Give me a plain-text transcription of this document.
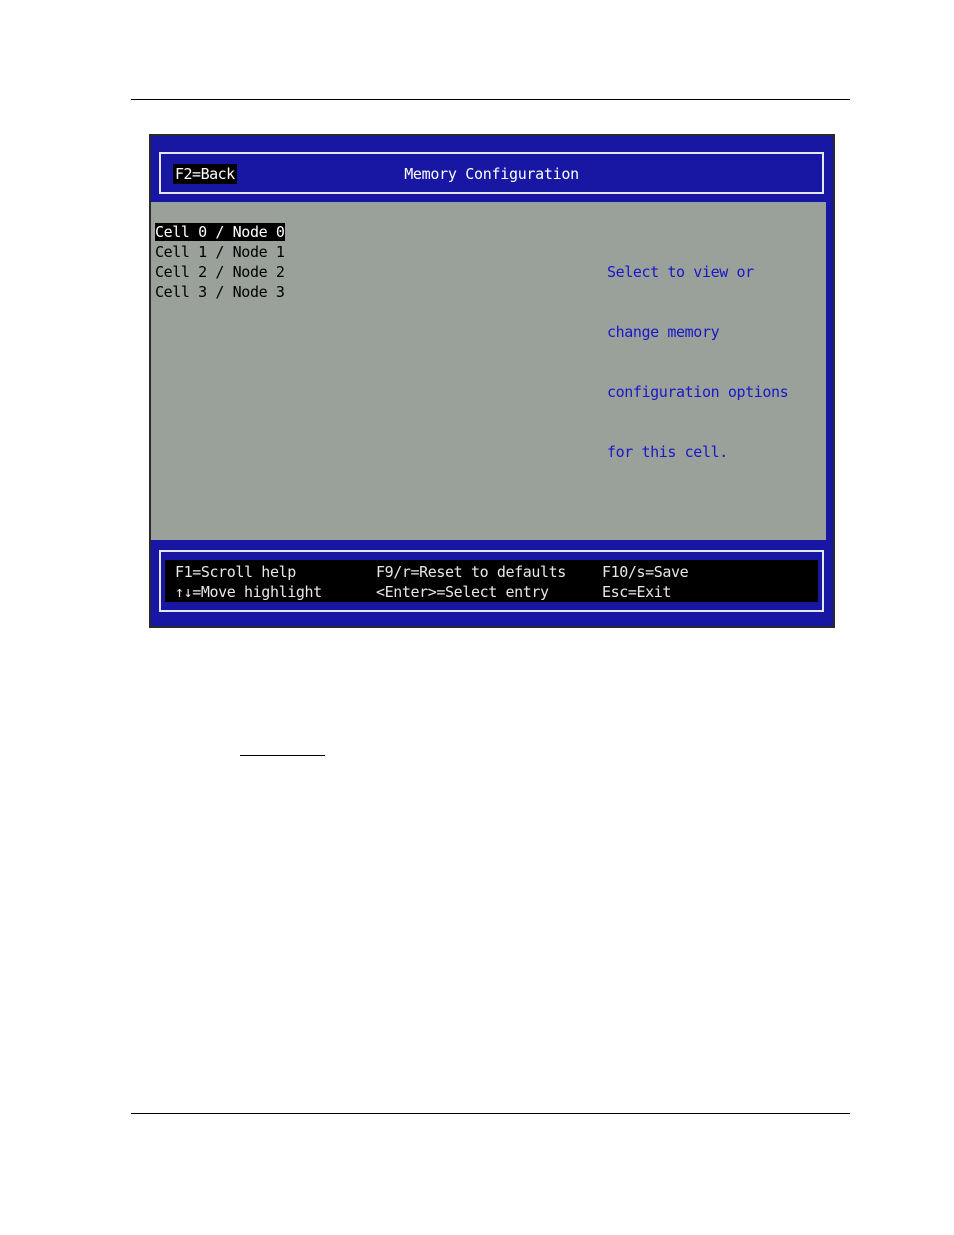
F2=Back	Memory Configuration
Cell 0 / Node 0
Cell 1 / Node 1
Cell 2 / Node 2
Cell 3 / Node 3

Select to view or

change memory

configuration options

for this cell.

F1=Scroll help
↑↓=Move highlight
F9/r=Reset to defaults
<Enter>=Select entry
F10/s=Save
Esc=Exit
